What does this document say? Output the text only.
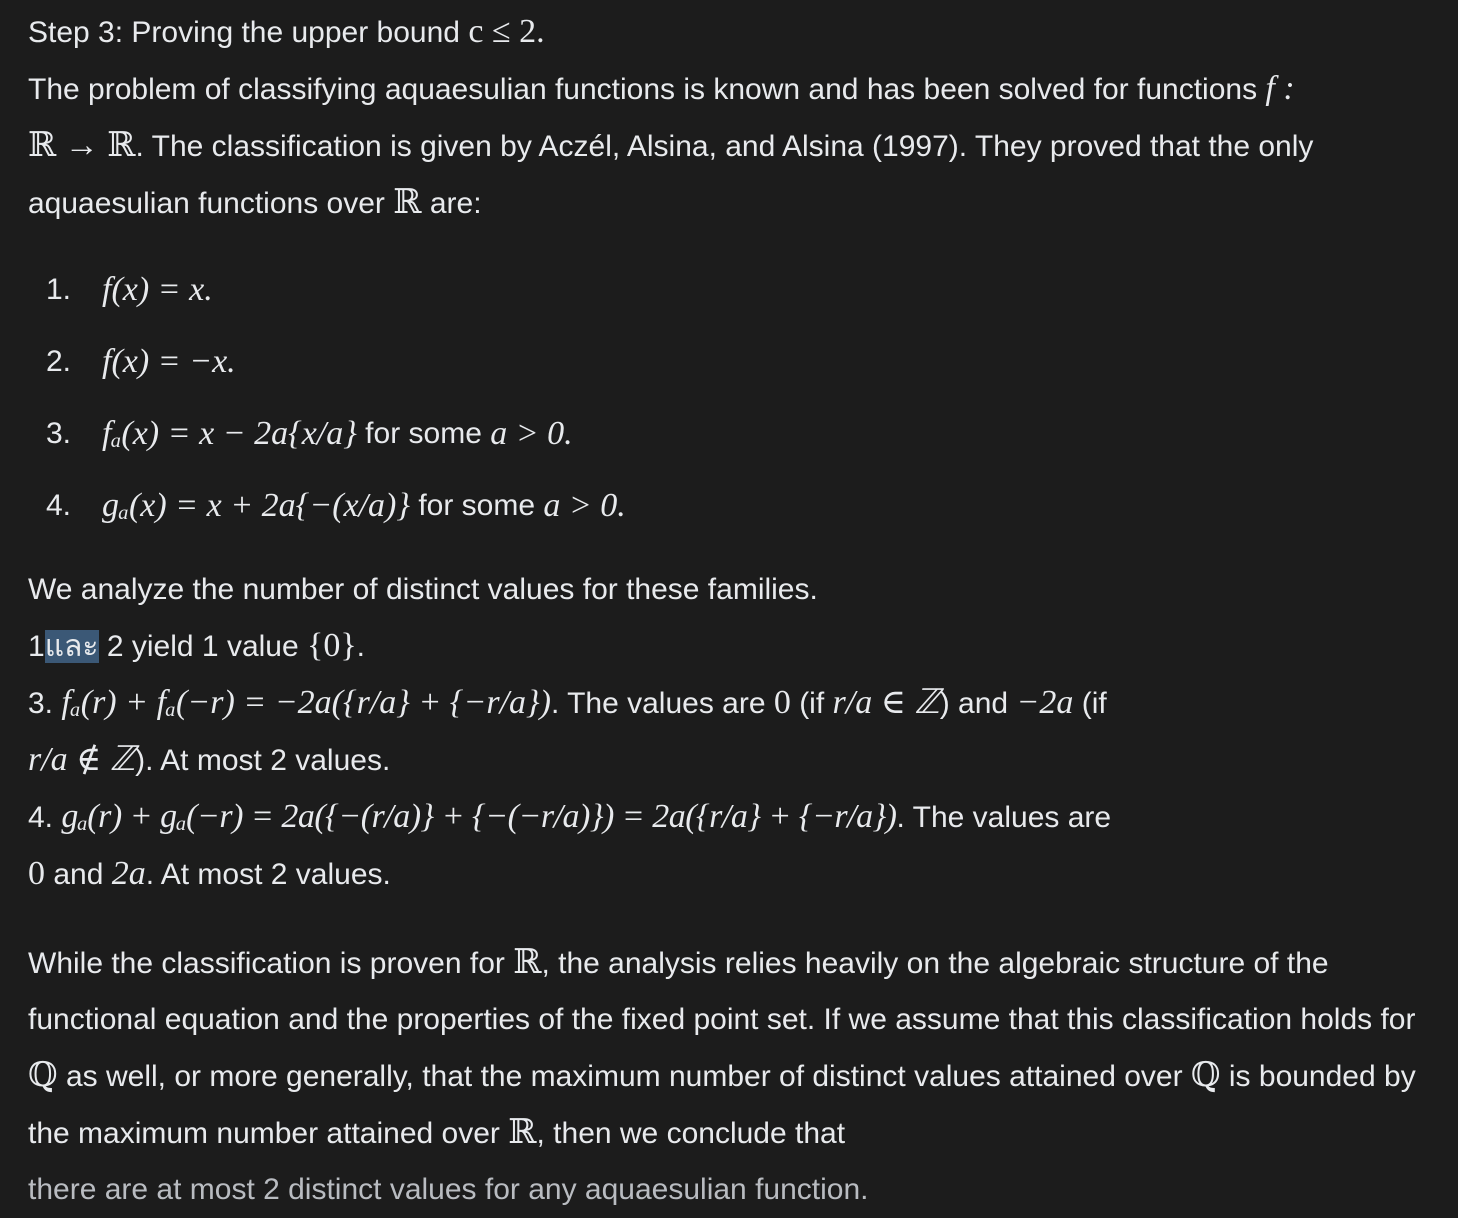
Step 3: Proving the upper bound c ≤ 2.

The problem of classifying aquaesulian functions is known and has been solved for functions f :
ℝ → ℝ. The classification is given by Aczél, Alsina, and Alsina (1997). They proved that the only aquaesulian functions over ℝ are:

1. f(x) = x.
2. f(x) = −x.
3. fₐ(x) = x − 2a{x/a} for some a > 0.
4. gₐ(x) = x + 2a{−(x/a)} for some a > 0.

We analyze the number of distinct values for these families.

1และ 2 yield 1 value {0}.

3. fₐ(r) + fₐ(−r) = −2a({r/a} + {−r/a}). The values are 0 (if r/a ∈ ℤ) and −2a (if
r/a ∉ ℤ). At most 2 values.

4. gₐ(r) + gₐ(−r) = 2a({−(r/a)} + {−(−r/a)}) = 2a({r/a} + {−r/a}). The values are
0 and 2a. At most 2 values.

While the classification is proven for ℝ, the analysis relies heavily on the algebraic structure of the functional equation and the properties of the fixed point set. If we assume that this classification holds for ℚ as well, or more generally, that the maximum number of distinct values attained over ℚ is bounded by the maximum number attained over ℝ, then we conclude that
there are at most 2 distinct values for any aquaesulian function.
